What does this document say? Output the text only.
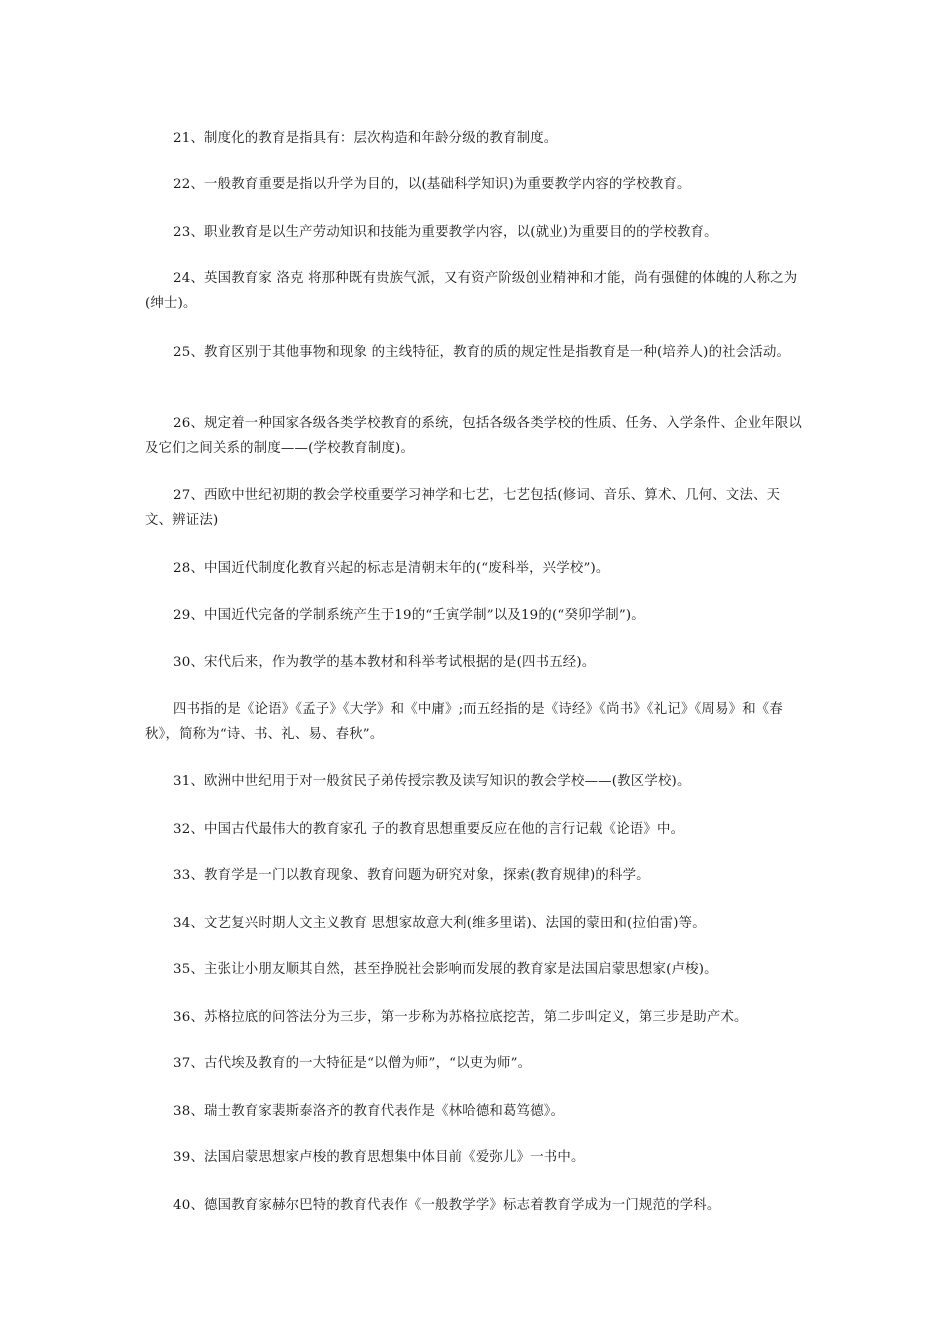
21、制度化的教育是指具有：层次构造和年龄分级的教育制度。

22、一般教育重要是指以升学为目的，以(基础科学知识)为重要教学内容的学校教育。

23、职业教育是以生产劳动知识和技能为重要教学内容，以(就业)为重要目的的学校教育。

24、英国教育家 洛克 将那种既有贵族气派，又有资产阶级创业精神和才能，尚有强健的体魄的人称之为(绅士)。

25、教育区别于其他事物和现象 的主线特征，教育的质的规定性是指教育是一种(培养人)的社会活动。

26、规定着一种国家各级各类学校教育的系统，包括各级各类学校的性质、任务、入学条件、企业年限以及它们之间关系的制度——(学校教育制度)。

27、西欧中世纪初期的教会学校重要学习神学和七艺，七艺包括(修词、音乐、算术、几何、文法、天文、辨证法)

28、中国近代制度化教育兴起的标志是清朝末年的(“废科举，兴学校”)。

29、中国近代完备的学制系统产生于19的“壬寅学制”以及19的(“癸卯学制”)。

30、宋代后来，作为教学的基本教材和科举考试根据的是(四书五经)。

四书指的是《论语》《孟子》《大学》和《中庸》;而五经指的是《诗经》《尚书》《礼记》《周易》和《春秋》，简称为“诗、书、礼、易、春秋”。

31、欧洲中世纪用于对一般贫民子弟传授宗教及读写知识的教会学校——(教区学校)。

32、中国古代最伟大的教育家孔 子的教育思想重要反应在他的言行记载《论语》中。

33、教育学是一门以教育现象、教育问题为研究对象，探索(教育规律)的科学。

34、文艺复兴时期人文主义教育 思想家故意大利(维多里诺)、法国的蒙田和(拉伯雷)等。

35、主张让小朋友顺其自然，甚至挣脱社会影响而发展的教育家是法国启蒙思想家(卢梭)。

36、苏格拉底的问答法分为三步，第一步称为苏格拉底挖苦，第二步叫定义，第三步是助产术。

37、古代埃及教育的一大特征是“以僧为师”，“以吏为师”。

38、瑞士教育家裴斯泰洛齐的教育代表作是《林哈德和葛笃德》。

39、法国启蒙思想家卢梭的教育思想集中体目前《爱弥儿》一书中。

40、德国教育家赫尔巴特的教育代表作《一般教学学》标志着教育学成为一门规范的学科。
